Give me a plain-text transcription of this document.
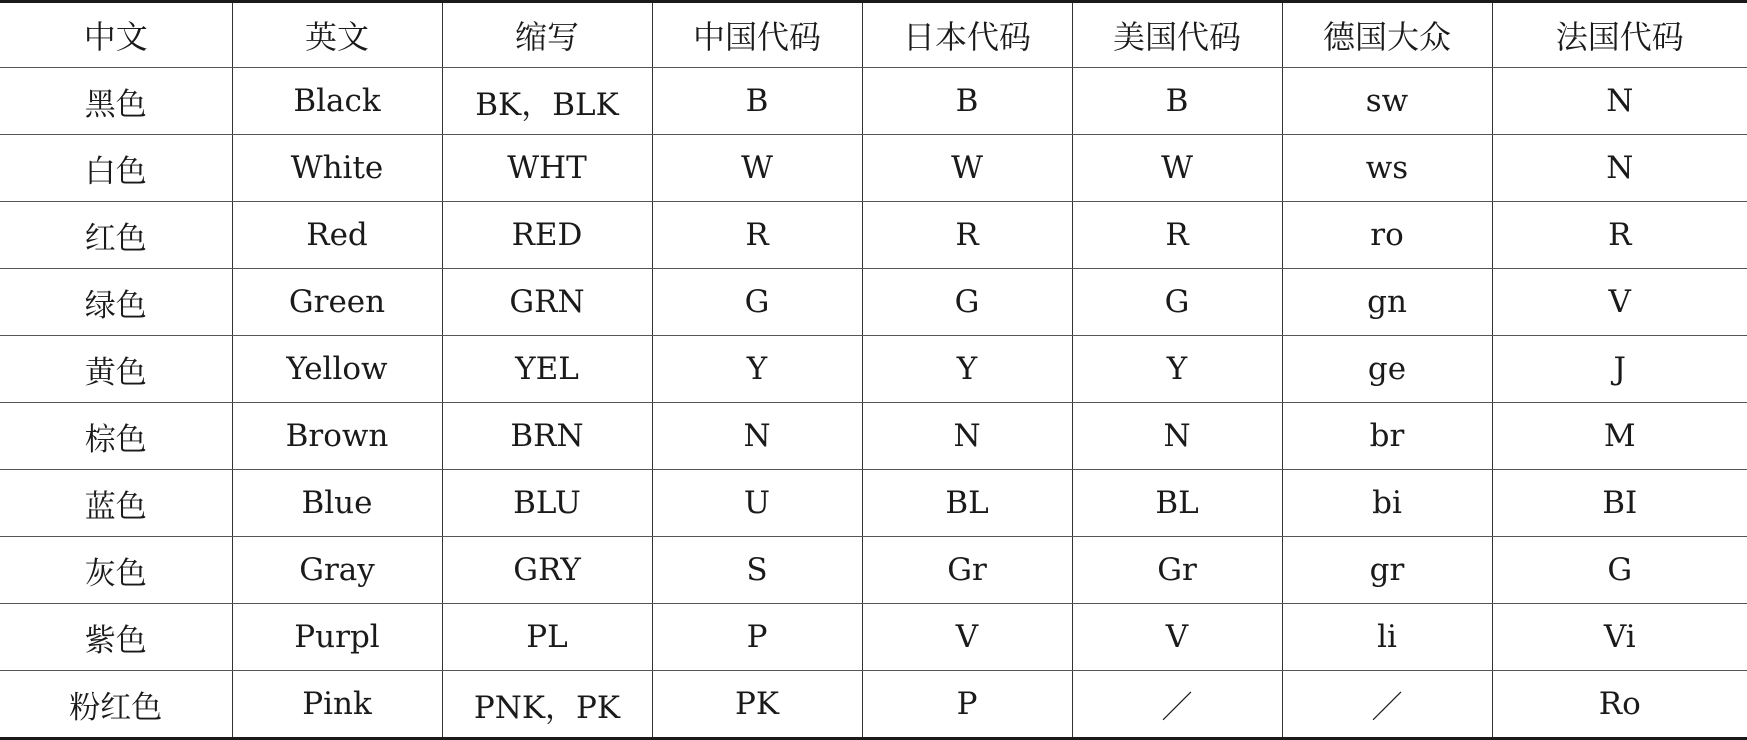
中文	英文	缩写	中国代码	日本代码	美国代码	德国大众	法国代码
黑色	Black	BK，BLK	B	B	B	sw	N
白色	White	WHT	W	W	W	ws	N
红色	Red	RED	R	R	R	ro	R
绿色	Green	GRN	G	G	G	gn	V
黄色	Yellow	YEL	Y	Y	Y	ge	J
棕色	Brown	BRN	N	N	N	br	M
蓝色	Blue	BLU	U	BL	BL	bi	BI
灰色	Gray	GRY	S	Gr	Gr	gr	G
紫色	Purpl	PL	P	V	V	li	Vi
粉红色	Pink	PNK，PK	PK	P	／	／	Ro
